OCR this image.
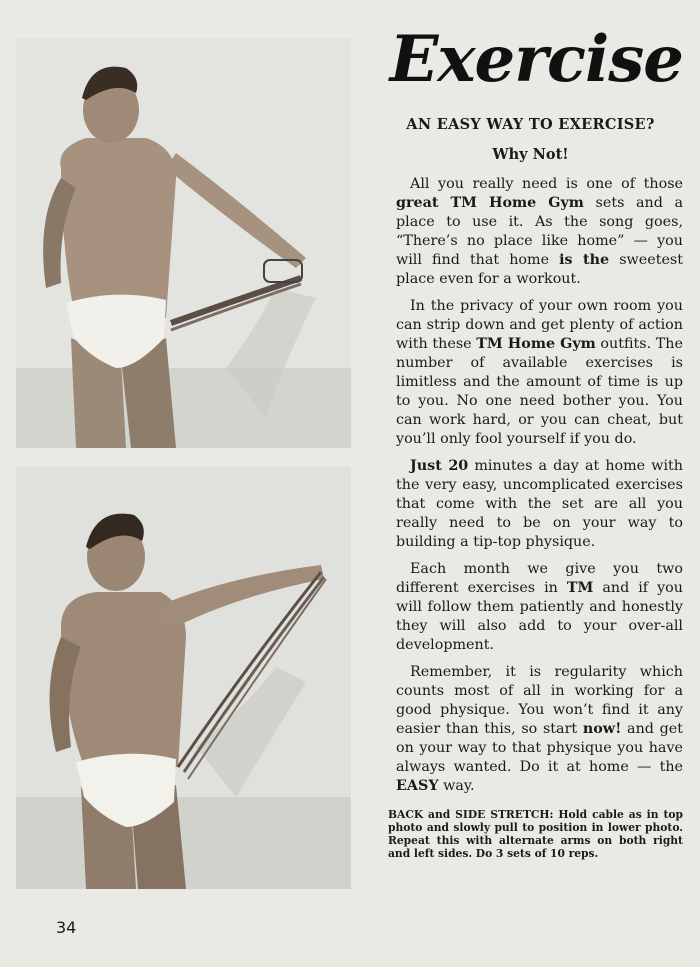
Exercise
AN EASY WAY TO EXERCISE?
Why Not!

All you really need is one of those great TM Home Gym sets and a place to use it. As the song goes, “There’s no place like home” — you will find that home is the sweetest place even for a workout.

In the privacy of your own room you can strip down and get plenty of action with these TM Home Gym outfits. The number of available exercises is limitless and the amount of time is up to you. No one need bother you. You can work hard, or you can cheat, but you’ll only fool yourself if you do.

Just 20 minutes a day at home with the very easy, uncomplicated exercises that come with the set are all you really need to be on your way to building a tip-top physique.

Each month we give you two different exercises in TM and if you will follow them patiently and honestly they will also add to your over-all development.

Remember, it is regularity which counts most of all in working for a good physique. You won’t find it any easier than this, so start now! and get on your way to that physique you have always wanted. Do it at home — the EASY way.

BACK and SIDE STRETCH: Hold cable as in top photo and slowly pull to position in lower photo. Repeat this with alternate arms on both right and left sides. Do 3 sets of 10 reps.
34
